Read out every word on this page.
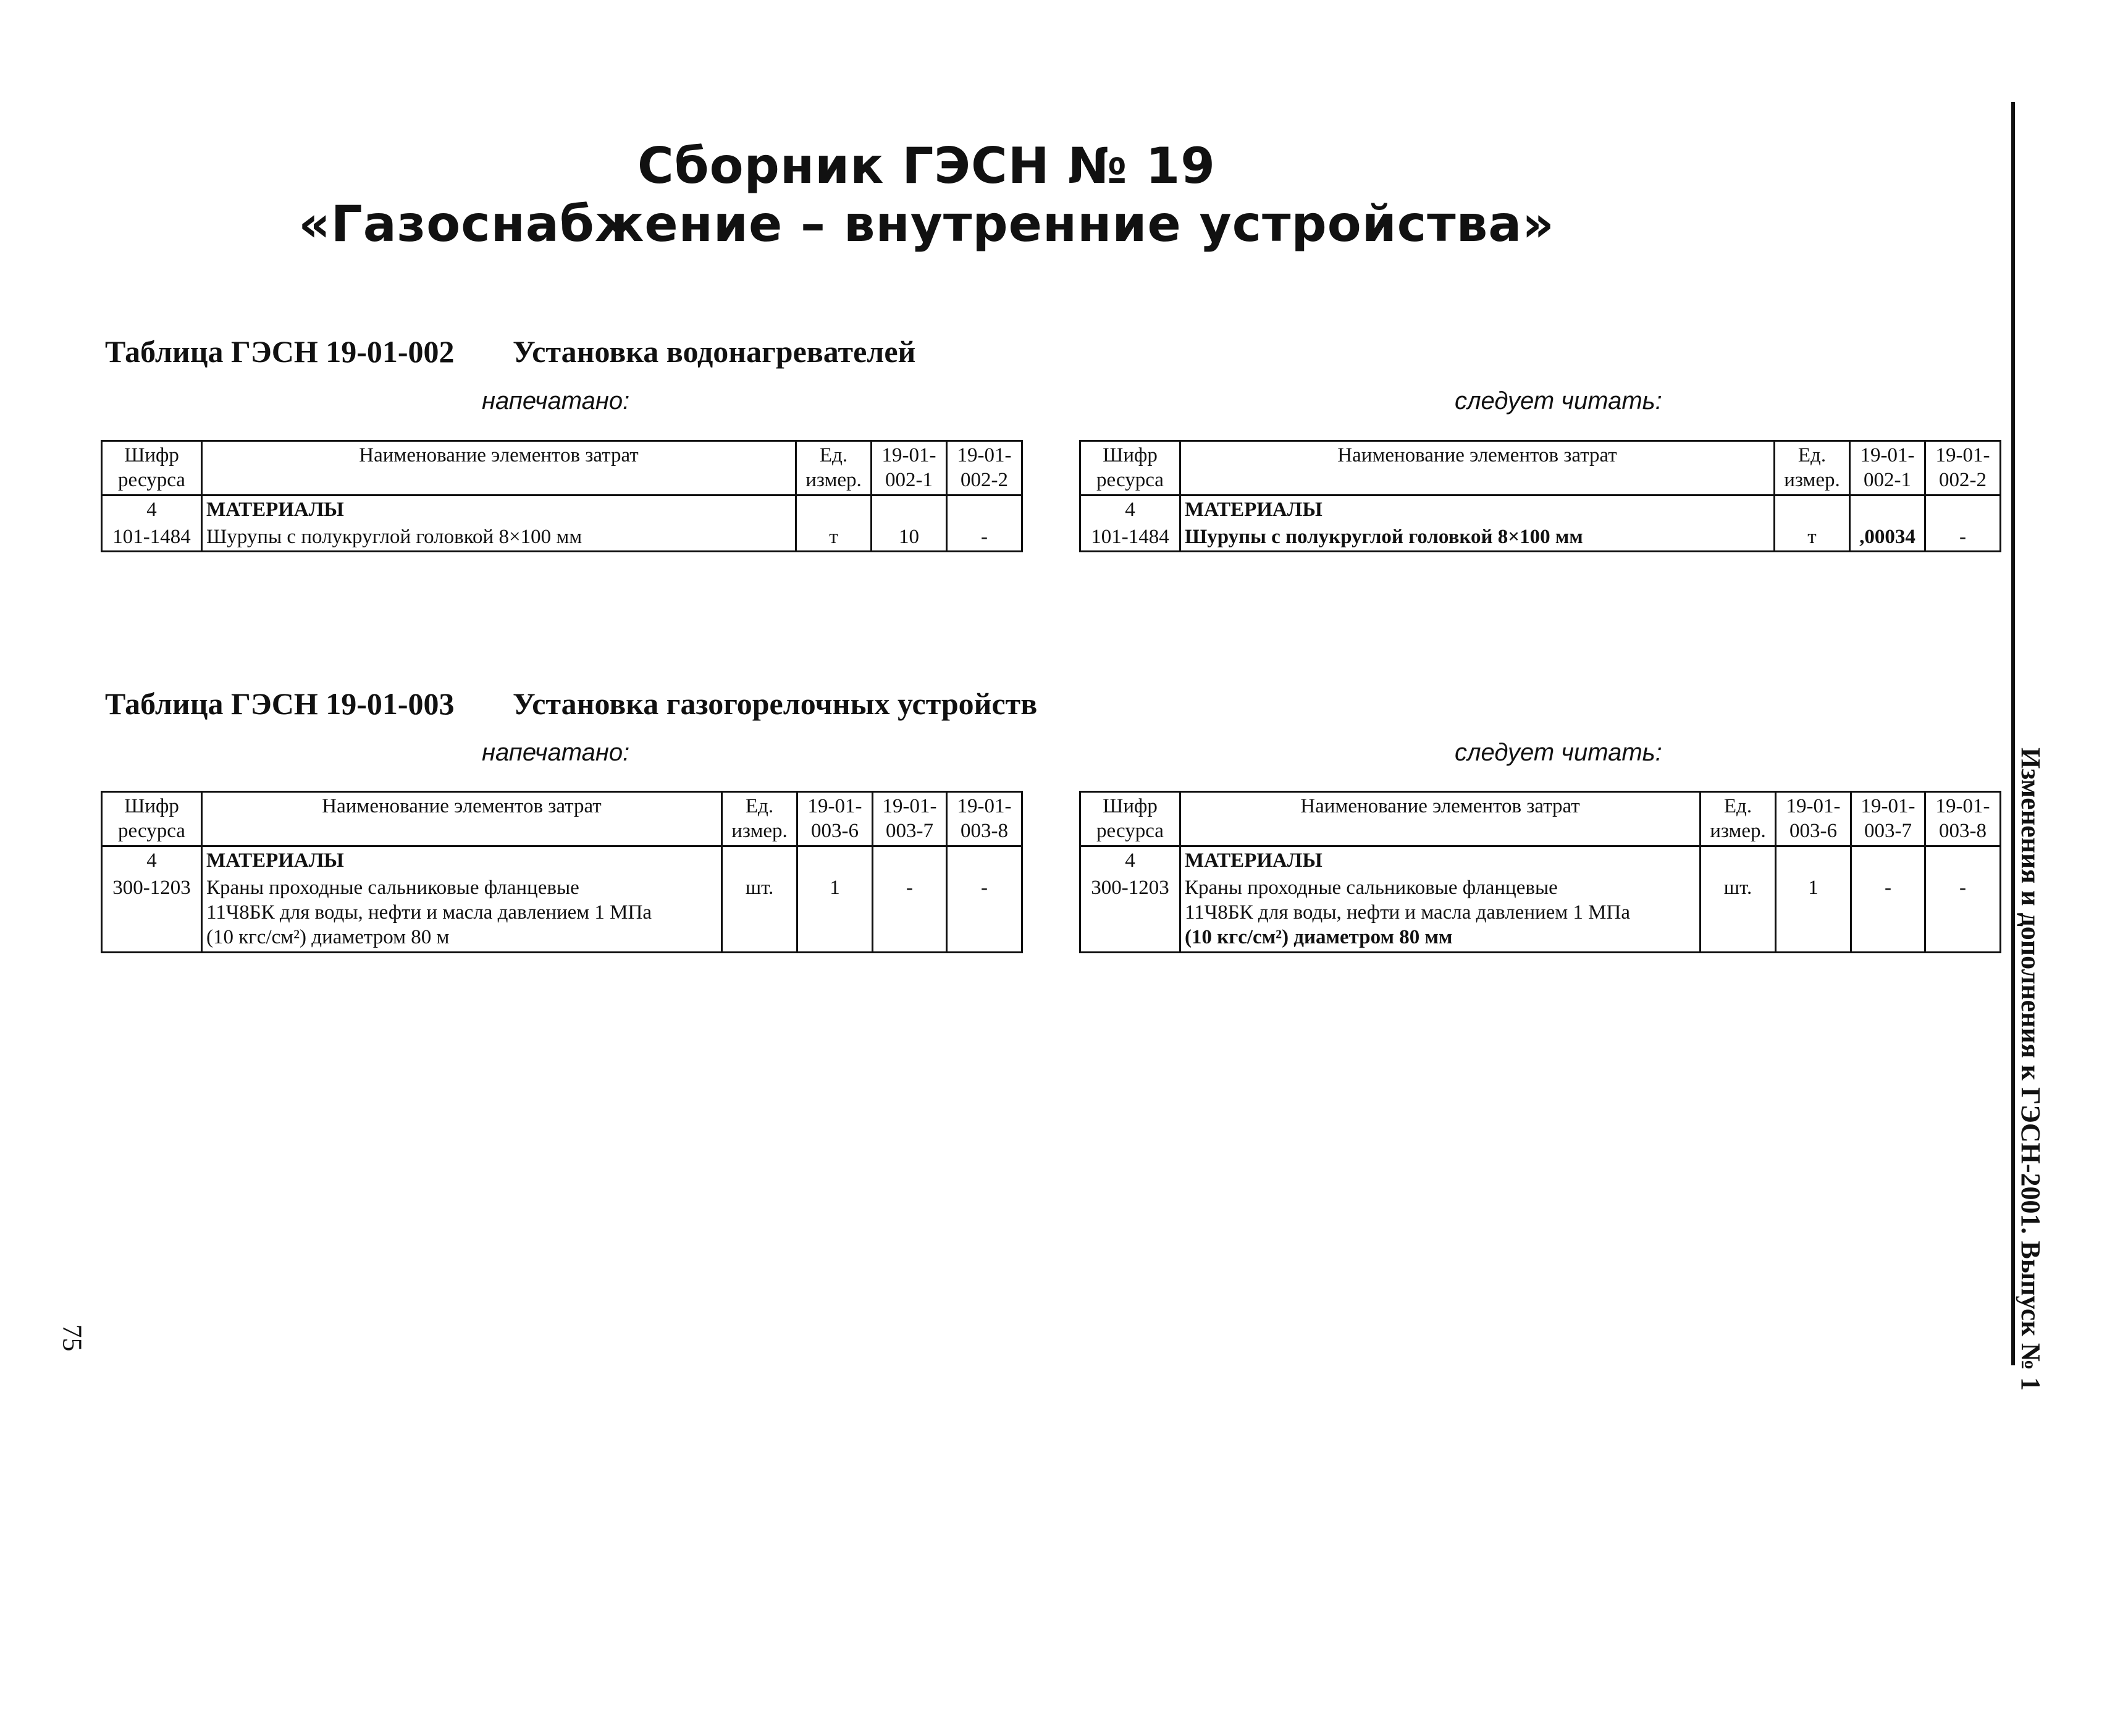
Сборник ГЭСН № 19
«Газоснабжение – внутренние устройства»
Таблица ГЭСН 19-01-002 Установка водонагревателей
напечатано:	следует читать:
Шифр ресурса	Наименование элементов затрат	Ед. измер.	19-01-002-1	19-01-002-2
4	МАТЕРИАЛЫ			
101-1484	Шурупы с полукруглой головкой 8×100 мм	т	10	-
Шифр ресурса	Наименование элементов затрат	Ед. измер.	19-01-002-1	19-01-002-2
4	МАТЕРИАЛЫ			
101-1484	Шурупы с полукруглой головкой 8×100 мм	т	,00034	-
Таблица ГЭСН 19-01-003 Установка газогорелочных устройств
напечатано:	следует читать:
Шифр ресурса	Наименование элементов затрат	Ед. измер.	19-01-003-6	19-01-003-7	19-01-003-8
4	МАТЕРИАЛЫ				
300-1203	Краны проходные сальниковые фланцевые
11Ч8БК для воды, нефти и масла давлением 1 МПа
(10 кгс/см²) диаметром 80 м	шт.	1	-	-
Шифр ресурса	Наименование элементов затрат	Ед. измер.	19-01-003-6	19-01-003-7	19-01-003-8
4	МАТЕРИАЛЫ				
300-1203	Краны проходные сальниковые фланцевые
11Ч8БК для воды, нефти и масла давлением 1 МПа
(10 кгс/см²) диаметром 80 мм	шт.	1	-	- Изменения и дополнения к ГЭСН-2001. Выпуск № 1
75
